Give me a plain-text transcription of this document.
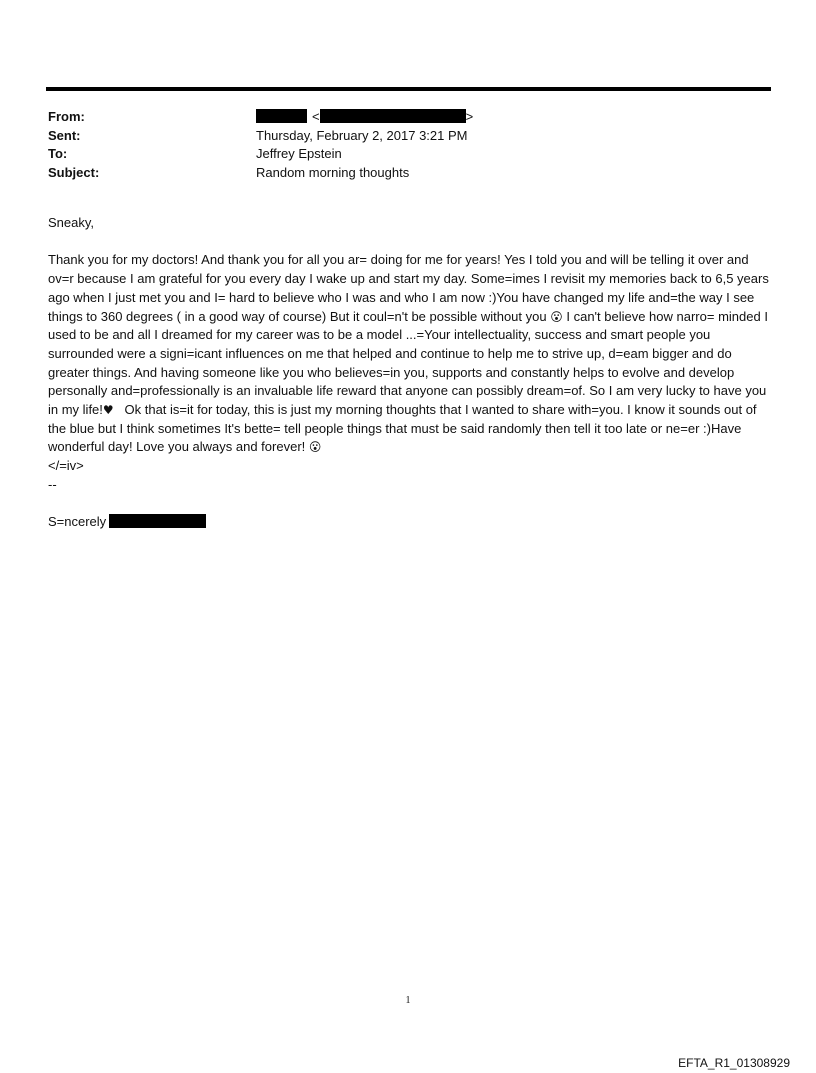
From:	<	>
Sent:	Thursday, February 2, 2017 3:21 PM
To:	Jeffrey Epstein
Subject:	Random morning thoughts

Sneaky,

Thank you for my doctors! And thank you for all you ar= doing for me for years! Yes I told you and will be telling it over and ov=r because I am grateful for you every day I wake up and start my day. Some=imes I revisit my memories back to 6,5 years ago when I just met you and I= hard to believe who I was and who I am now :)You have changed my life and=the way I see things to 360 degrees ( in a good way of course) But it coul=n't be possible without you 😮 I can't believe how narro= minded I used to be and all I dreamed for my career was to be a model ...=Your intellectuality, success and smart people you surrounded were a signi=icant influences on me that helped and continue to help me to strive up, d=eam bigger and do greater things. And having someone like you who believes=in you, supports and constantly helps to evolve and develop personally and=professionally is an invaluable life reward that anyone can possibly dream=of. So I am very lucky to have you in my life!♥ Ok that is=it for today, this is just my morning thoughts that I wanted to share with=you. I know it sounds out of the blue but I think sometimes It's bette= tell people things that must be said randomly then tell it too late or ne=er :)Have wonderful day! Love you always and forever! 😮

</=iv>

--

S=ncerely

1
EFTA_R1_01308929
